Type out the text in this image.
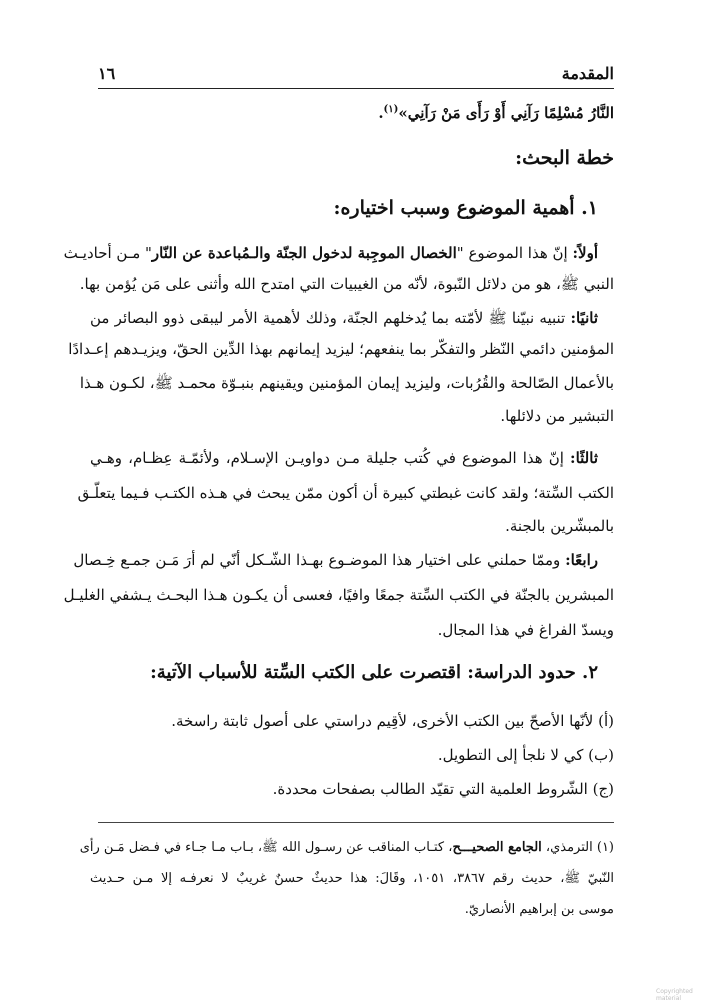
المقدمة
١٦
النَّارُ مُسْلِمًا رَآنِي أَوْ رَأَى مَنْ رَآنِي»$^{(١)}$.
خطة البحث:
١. أهمية الموضوع وسبب اختياره:
أولاً: إنّ هذا الموضوع "الخصال الموجِبة لدخول الجنّة والـمُباعدة عن النّار" مـن أحاديـث
النبي ﷺ، هو من دلائل النّبوة، لأنّه من الغيبيات التي امتدح الله وأثنى على مَن يُؤمن بها.
ثانيًا: تنبيه نبيّنا ﷺ لأمّته بما يُدخلهم الجنّة، وذلك لأهمية الأمر ليبقى ذوو البصائر من
المؤمنين دائمي النّظر والتفكّر بما ينفعهم؛ ليزيد إيمانهم بهذا الدِّين الحقّ، ويزيـدهم إعـدادًا
بالأعمال الصّالحة والقُرُبات، وليزيد إيمان المؤمنين ويقينهم بنبـوّة محمـد ﷺ، لكـون هـذا
التبشير من دلائلها.
ثالثًا: إنّ هذا الموضوع في كُتب جليلة مـن دواويـن الإسـلام، ولأئمّـة عِظـام، وهـي
الكتب السِّتة؛ ولقد كانت غبطتي كبيرة أن أكون ممّن يبحث في هـذه الكتـب فـيما يتعلّـق
بالمبشّرين بالجنة.
رابعًا: وممّا حملني على اختيار هذا الموضـوع بهـذا الشّـكل أنّي لم أرَ مَـن جمـع خِـصال
المبشرين بالجنّة في الكتب السِّتة جمعًا وافيًا، فعسى أن يكـون هـذا البحـث يـشفي الغليـل
ويسدّ الفراغ في هذا المجال.
٢. حدود الدراسة: اقتصرت على الكتب السِّتة للأسباب الآتية:
(أ) لأنّها الأصحّ بين الكتب الأخرى، لأقِيم دراستي على أصول ثابتة راسخة.
(ب) كي لا نلجأ إلى التطويل.
(ج) الشّروط العلمية التي تقيّد الطالب بصفحات محددة.
(١) الترمذي، الجامع الصحيـــح، كتـاب المناقب عن رسـول الله ﷺ، بـاب مـا جـاء في فـضل مَـن رأى
النّبيّ ﷺ، حديث رقم ٣٨٦٧، ١٠٥١، وقَالَ: هذا حديثٌ حسنٌ غريبٌ لا نعرفـه إلا مـن حـديث
موسى بن إبراهيم الأنصاريّ.
Copyrighted material
